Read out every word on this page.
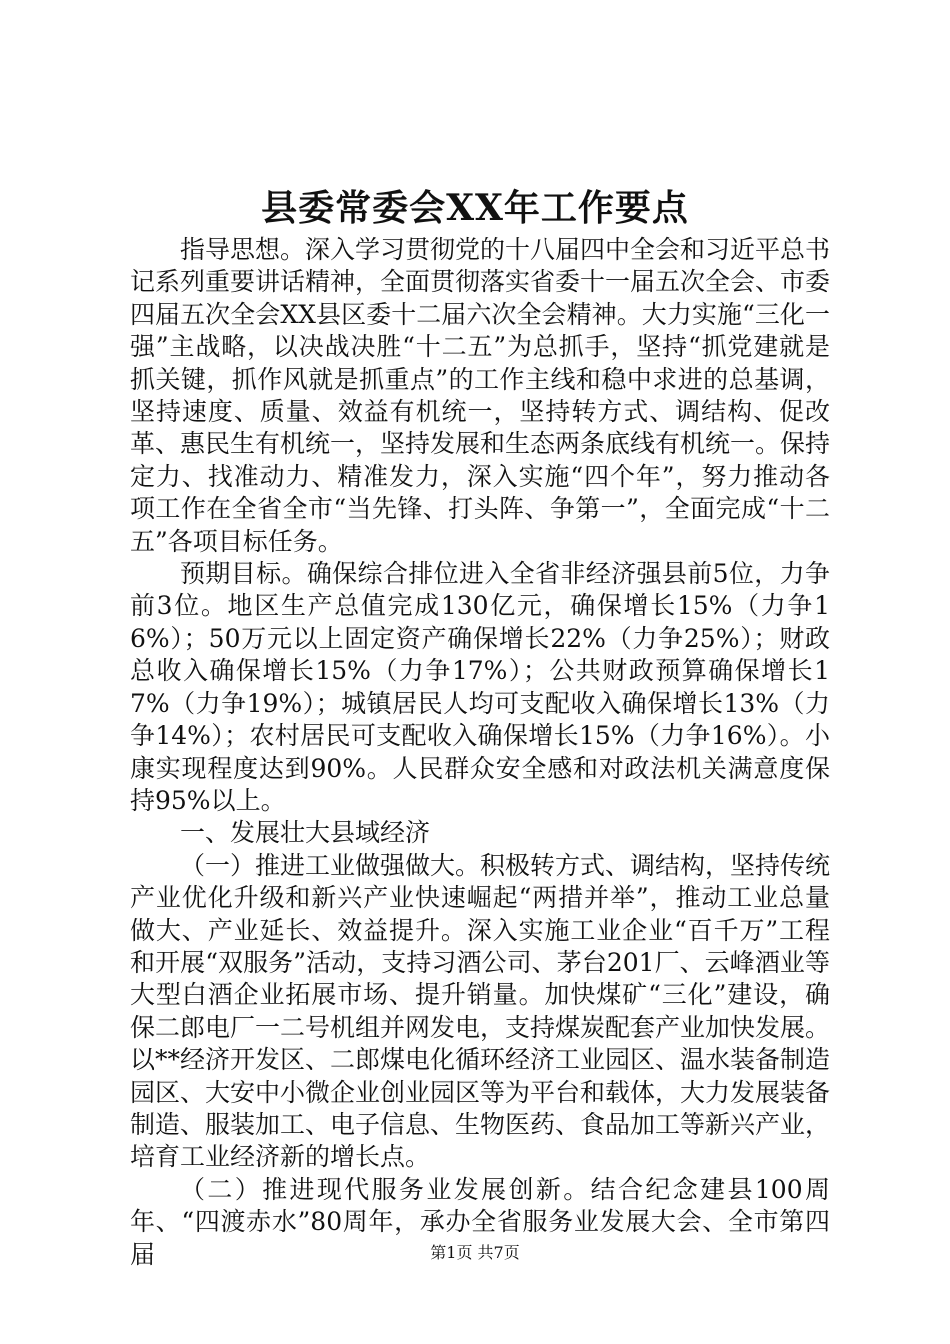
县委常委会XX年工作要点

指导思想。深入学习贯彻党的十八届四中全会和习近平总书记系列重要讲话精神，全面贯彻落实省委十一届五次全会、市委四届五次全会XX县区委十二届六次全会精神。大力实施“三化一强”主战略，以决战决胜“十二五”为总抓手，坚持“抓党建就是抓关键，抓作风就是抓重点”的工作主线和稳中求进的总基调，坚持速度、质量、效益有机统一，坚持转方式、调结构、促改革、惠民生有机统一，坚持发展和生态两条底线有机统一。保持定力、找准动力、精准发力，深入实施“四个年”，努力推动各项工作在全省全市“当先锋、打头阵、争第一”，全面完成“十二五”各项目标任务。

预期目标。确保综合排位进入全省非经济强县前5位，力争前3位。地区生产总值完成130亿元，确保增长15%（力争16%）；50万元以上固定资产确保增长22%（力争25%）；财政总收入确保增长15%（力争17%）；公共财政预算确保增长17%（力争19%）；城镇居民人均可支配收入确保增长13%（力争14%）；农村居民可支配收入确保增长15%（力争16%）。小康实现程度达到90%。人民群众安全感和对政法机关满意度保持95%以上。

一、发展壮大县域经济

（一）推进工业做强做大。积极转方式、调结构，坚持传统产业优化升级和新兴产业快速崛起“两措并举”，推动工业总量做大、产业延长、效益提升。深入实施工业企业“百千万”工程和开展“双服务”活动，支持习酒公司、茅台201厂、云峰酒业等大型白酒企业拓展市场、提升销量。加快煤矿“三化”建设，确保二郎电厂一二号机组并网发电，支持煤炭配套产业加快发展。以**经济开发区、二郎煤电化循环经济工业园区、温水装备制造园区、大安中小微企业创业园区等为平台和载体，大力发展装备制造、服装加工、电子信息、生物医药、食品加工等新兴产业，培育工业经济新的增长点。

（二）推进现代服务业发展创新。结合纪念建县100周年、“四渡赤水”80周年，承办全省服务业发展大会、全市第四届	第1页 共7页
